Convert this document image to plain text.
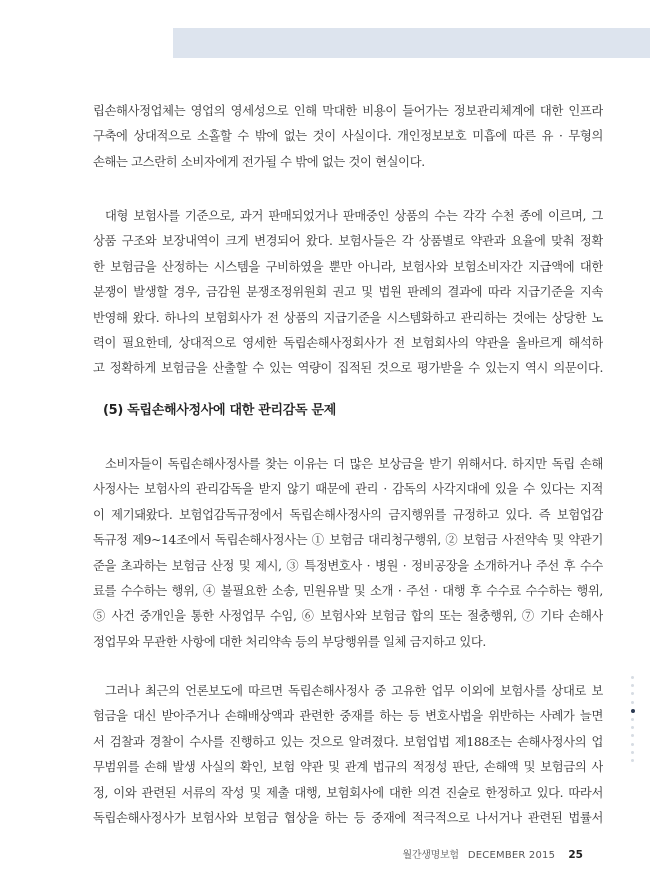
립손해사정업체는 영업의 영세성으로 인해 막대한 비용이 들어가는 정보관리체계에 대한 인프라
구축에 상대적으로 소홀할 수 밖에 없는 것이 사실이다. 개인정보보호 미흡에 따른 유 · 무형의
손해는 고스란히 소비자에게 전가될 수 밖에 없는 것이 현실이다.
대형 보험사를 기준으로, 과거 판매되었거나 판매중인 상품의 수는 각각 수천 종에 이르며, 그
상품 구조와 보장내역이 크게 변경되어 왔다. 보험사들은 각 상품별로 약관과 요율에 맞춰 정확
한 보험금을 산정하는 시스템을 구비하였을 뿐만 아니라, 보험사와 보험소비자간 지급액에 대한
분쟁이 발생할 경우, 금감원 분쟁조정위원회 권고 및 법원 판례의 결과에 따라 지급기준을 지속
반영해 왔다. 하나의 보험회사가 전 상품의 지급기준을 시스템화하고 관리하는 것에는 상당한 노
력이 필요한데, 상대적으로 영세한 독립손해사정회사가 전 보험회사의 약관을 올바르게 해석하
고 정확하게 보험금을 산출할 수 있는 역량이 집적된 것으로 평가받을 수 있는지 역시 의문이다.
(5) 독립손해사정사에 대한 관리감독 문제
소비자들이 독립손해사정사를 찾는 이유는 더 많은 보상금을 받기 위해서다. 하지만 독립 손해
사정사는 보험사의 관리감독을 받지 않기 때문에 관리 · 감독의 사각지대에 있을 수 있다는 지적
이 제기돼왔다. 보험업감독규정에서 독립손해사정사의 금지행위를 규정하고 있다. 즉 보험업감
독규정 제9~14조에서 독립손해사정사는 ① 보험금 대리청구행위, ② 보험금 사전약속 및 약관기
준을 초과하는 보험금 산정 및 제시, ③ 특정변호사 · 병원 · 정비공장을 소개하거나 주선 후 수수
료를 수수하는 행위, ④ 불필요한 소송, 민원유발 및 소개 · 주선 · 대행 후 수수료 수수하는 행위,
⑤ 사건 중개인을 통한 사정업무 수임, ⑥ 보험사와 보험금 합의 또는 절충행위, ⑦ 기타 손해사
정업무와 무관한 사항에 대한 처리약속 등의 부당행위를 일체 금지하고 있다.
그러나 최근의 언론보도에 따르면 독립손해사정사 중 고유한 업무 이외에 보험사를 상대로 보
험금을 대신 받아주거나 손해배상액과 관련한 중재를 하는 등 변호사법을 위반하는 사례가 늘면
서 검찰과 경찰이 수사를 진행하고 있는 것으로 알려졌다. 보험업법 제188조는 손해사정사의 업
무범위를 손해 발생 사실의 확인, 보험 약관 및 관계 법규의 적정성 판단, 손해액 및 보험금의 사
정, 이와 관련된 서류의 작성 및 제출 대행, 보험회사에 대한 의견 진술로 한정하고 있다. 따라서
독립손해사정사가 보험사와 보험금 협상을 하는 등 중재에 적극적으로 나서거나 관련된 법률서
월간생명보험 DECEMBER 2015 25
